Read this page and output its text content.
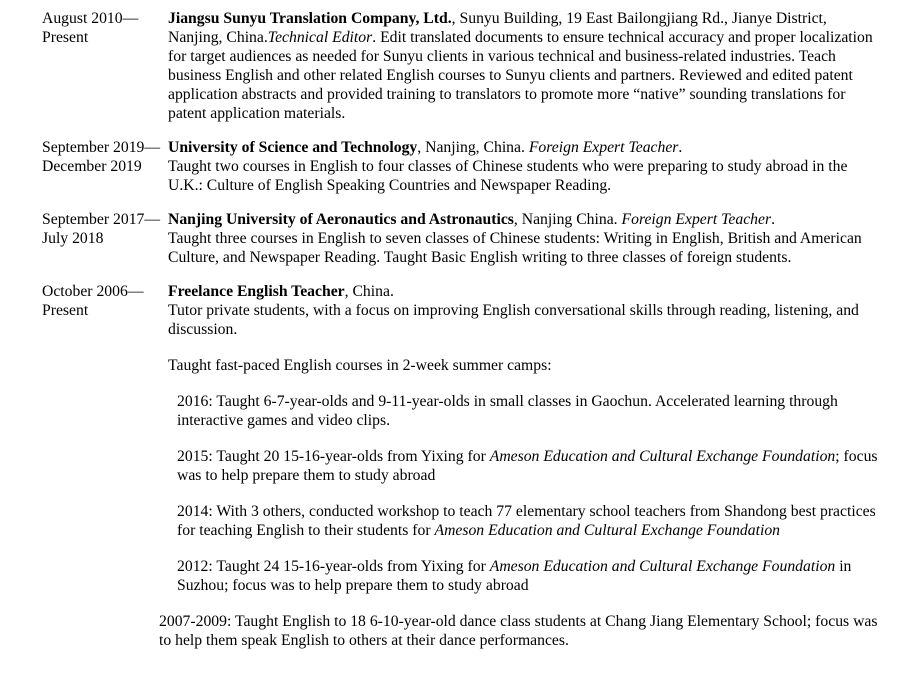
August 2010—
Present
Jiangsu Sunyu Translation Company, Ltd., Sunyu Building, 19 East Bailongjiang Rd., Jianye District, Nanjing, China.Technical Editor. Edit translated documents to ensure technical accuracy and proper localization for target audiences as needed for Sunyu clients in various technical and business-related industries. Teach business English and other related English courses to Sunyu clients and partners. Reviewed and edited patent application abstracts and provided training to translators to promote more “native” sounding translations for patent application materials.
September 2019—
December 2019
University of Science and Technology, Nanjing, China. Foreign Expert Teacher.
Taught two courses in English to four classes of Chinese students who were preparing to study abroad in the U.K.: Culture of English Speaking Countries and Newspaper Reading.
September 2017—
July 2018
Nanjing University of Aeronautics and Astronautics, Nanjing China. Foreign Expert Teacher.
Taught three courses in English to seven classes of Chinese students: Writing in English, British and American Culture, and Newspaper Reading. Taught Basic English writing to three classes of foreign students.
October 2006—
Present
Freelance English Teacher, China.
Tutor private students, with a focus on improving English conversational skills through reading, listening, and discussion.
Taught fast-paced English courses in 2-week summer camps:
2016: Taught 6-7-year-olds and 9-11-year-olds in small classes in Gaochun. Accelerated learning through interactive games and video clips.
2015: Taught 20 15-16-year-olds from Yixing for Ameson Education and Cultural Exchange Foundation; focus was to help prepare them to study abroad
2014: With 3 others, conducted workshop to teach 77 elementary school teachers from Shandong best practices for teaching English to their students for Ameson Education and Cultural Exchange Foundation
2012: Taught 24 15-16-year-olds from Yixing for Ameson Education and Cultural Exchange Foundation in Suzhou; focus was to help prepare them to study abroad
2007-2009: Taught English to 18 6-10-year-old dance class students at Chang Jiang Elementary School; focus was to help them speak English to others at their dance performances.
